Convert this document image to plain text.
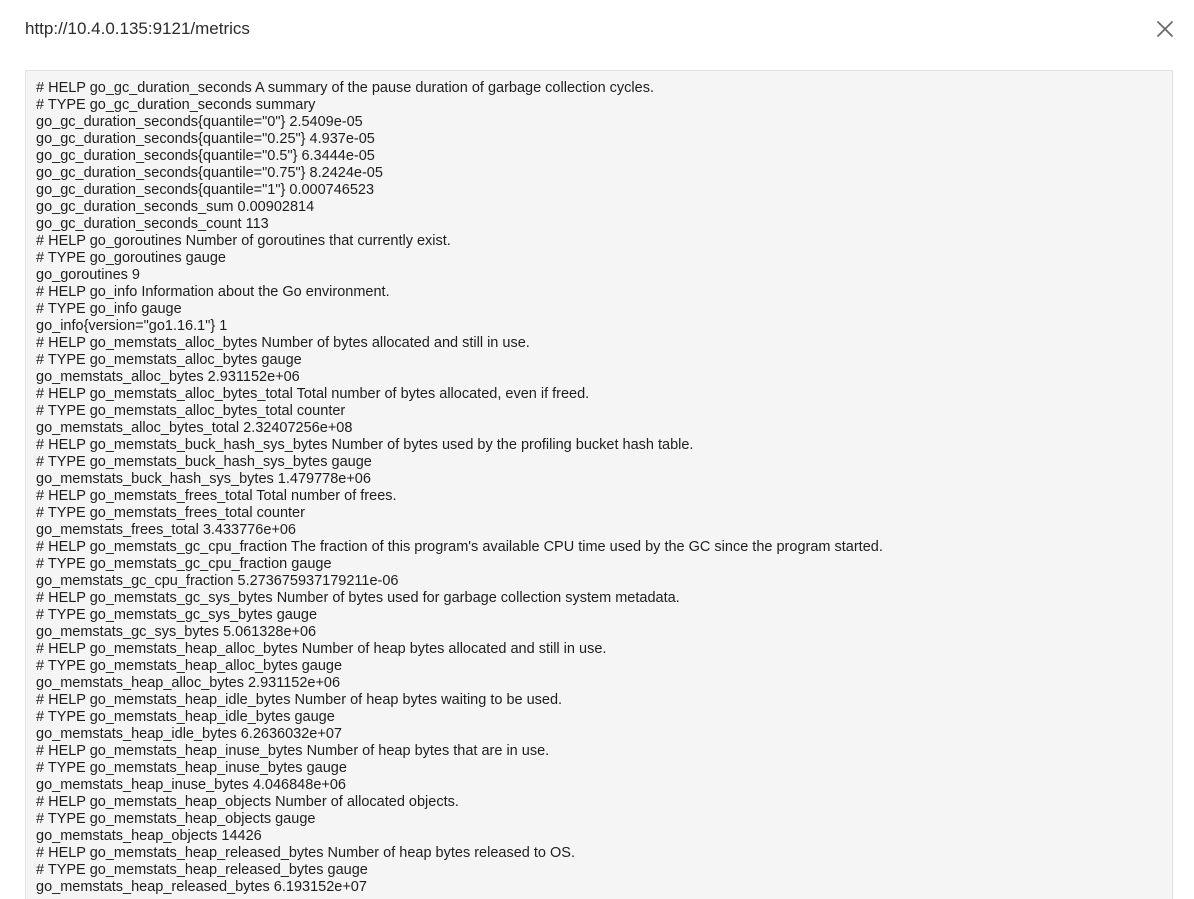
http://10.4.0.135:9121/metrics
# HELP go_gc_duration_seconds A summary of the pause duration of garbage collection cycles.
# TYPE go_gc_duration_seconds summary
go_gc_duration_seconds{quantile="0"} 2.5409e-05
go_gc_duration_seconds{quantile="0.25"} 4.937e-05
go_gc_duration_seconds{quantile="0.5"} 6.3444e-05
go_gc_duration_seconds{quantile="0.75"} 8.2424e-05
go_gc_duration_seconds{quantile="1"} 0.000746523
go_gc_duration_seconds_sum 0.00902814
go_gc_duration_seconds_count 113
# HELP go_goroutines Number of goroutines that currently exist.
# TYPE go_goroutines gauge
go_goroutines 9
# HELP go_info Information about the Go environment.
# TYPE go_info gauge
go_info{version="go1.16.1"} 1
# HELP go_memstats_alloc_bytes Number of bytes allocated and still in use.
# TYPE go_memstats_alloc_bytes gauge
go_memstats_alloc_bytes 2.931152e+06
# HELP go_memstats_alloc_bytes_total Total number of bytes allocated, even if freed.
# TYPE go_memstats_alloc_bytes_total counter
go_memstats_alloc_bytes_total 2.32407256e+08
# HELP go_memstats_buck_hash_sys_bytes Number of bytes used by the profiling bucket hash table.
# TYPE go_memstats_buck_hash_sys_bytes gauge
go_memstats_buck_hash_sys_bytes 1.479778e+06
# HELP go_memstats_frees_total Total number of frees.
# TYPE go_memstats_frees_total counter
go_memstats_frees_total 3.433776e+06
# HELP go_memstats_gc_cpu_fraction The fraction of this program's available CPU time used by the GC since the program started.
# TYPE go_memstats_gc_cpu_fraction gauge
go_memstats_gc_cpu_fraction 5.273675937179211e-06
# HELP go_memstats_gc_sys_bytes Number of bytes used for garbage collection system metadata.
# TYPE go_memstats_gc_sys_bytes gauge
go_memstats_gc_sys_bytes 5.061328e+06
# HELP go_memstats_heap_alloc_bytes Number of heap bytes allocated and still in use.
# TYPE go_memstats_heap_alloc_bytes gauge
go_memstats_heap_alloc_bytes 2.931152e+06
# HELP go_memstats_heap_idle_bytes Number of heap bytes waiting to be used.
# TYPE go_memstats_heap_idle_bytes gauge
go_memstats_heap_idle_bytes 6.2636032e+07
# HELP go_memstats_heap_inuse_bytes Number of heap bytes that are in use.
# TYPE go_memstats_heap_inuse_bytes gauge
go_memstats_heap_inuse_bytes 4.046848e+06
# HELP go_memstats_heap_objects Number of allocated objects.
# TYPE go_memstats_heap_objects gauge
go_memstats_heap_objects 14426
# HELP go_memstats_heap_released_bytes Number of heap bytes released to OS.
# TYPE go_memstats_heap_released_bytes gauge
go_memstats_heap_released_bytes 6.193152e+07
